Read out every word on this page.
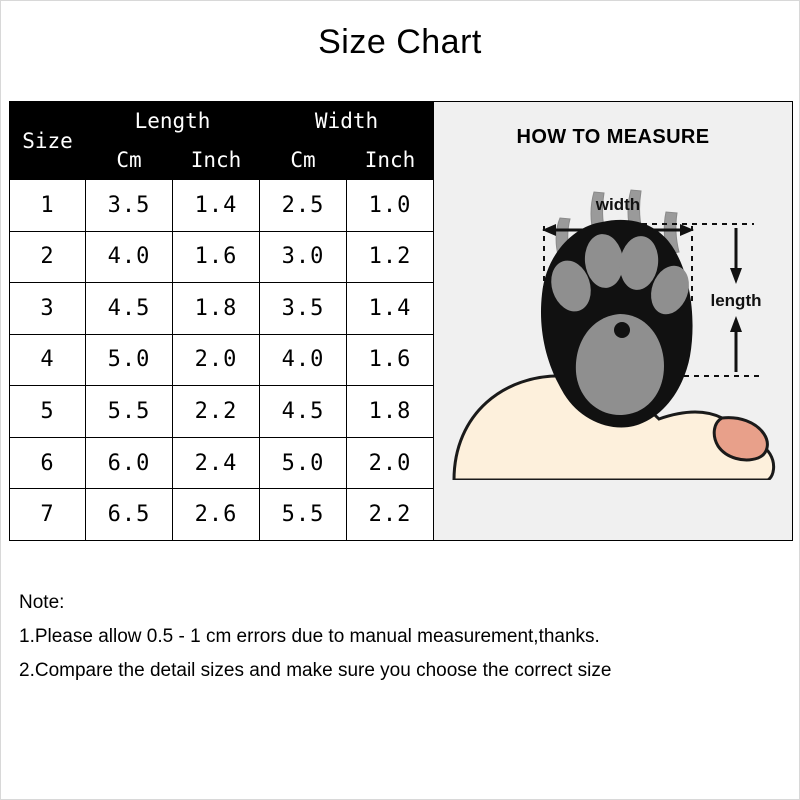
Size Chart
Size	Length		Width	
	Cm	Inch	Cm	Inch
1	3.5	1.4	2.5	1.0
2	4.0	1.6	3.0	1.2
3	4.5	1.8	3.5	1.4
4	5.0	2.0	4.0	1.6
5	5.5	2.2	4.5	1.8
6	6.0	2.4	5.0	2.0
7	6.5	2.6	5.5	2.2
HOW TO MEASURE
width
length
Note:
1.Please allow 0.5 - 1 cm errors due to manual measurement,thanks.
2.Compare the detail sizes and make sure you choose the correct size
